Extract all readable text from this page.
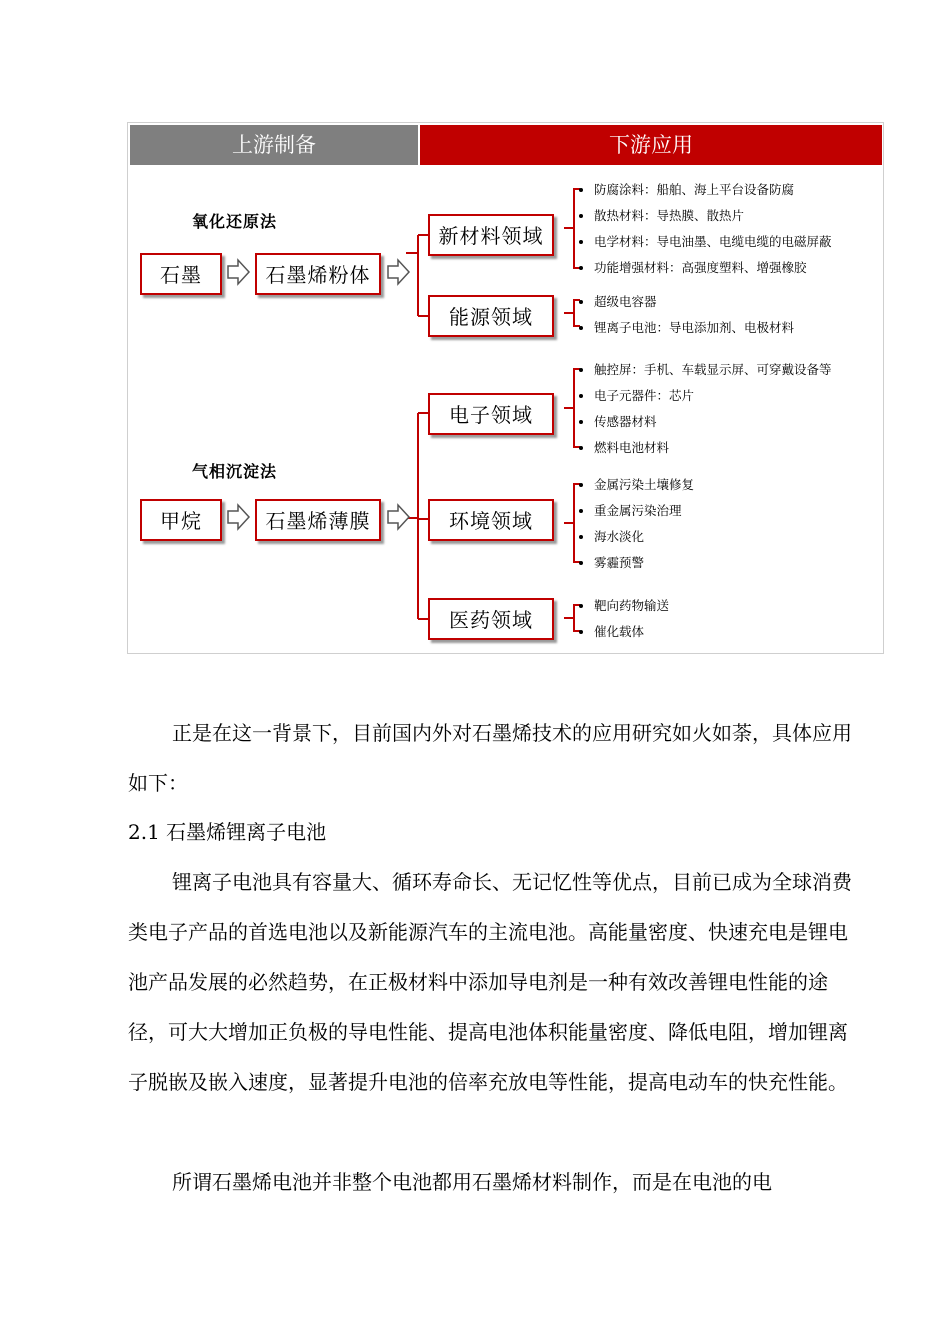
上游制备	下游应用
氧化还原法
气相沉淀法
石墨	石墨烯粉体
甲烷	石墨烯薄膜
新材料领域
能源领域
电子领域
环境领域
医药领域
防腐涂料：船舶、海上平台设备防腐
散热材料：导热膜、散热片
电学材料：导电油墨、电缆电缆的电磁屏蔽
功能增强材料：高强度塑料、增强橡胶
超级电容器
锂离子电池：导电添加剂、电极材料
触控屏：手机、车载显示屏、可穿戴设备等
电子元器件：芯片
传感器材料
燃料电池材料
金属污染土壤修复
重金属污染治理
海水淡化
雾霾预警
靶向药物输送
催化载体

正是在这一背景下，目前国内外对石墨烯技术的应用研究如火如荼，具体应用如下：

2.1 石墨烯锂离子电池

锂离子电池具有容量大、循环寿命长、无记忆性等优点，目前已成为全球消费类电子产品的首选电池以及新能源汽车的主流电池。高能量密度、快速充电是锂电池产品发展的必然趋势，在正极材料中添加导电剂是一种有效改善锂电性能的途径，可大大增加正负极的导电性能、提高电池体积能量密度、降低电阻，增加锂离子脱嵌及嵌入速度，显著提升电池的倍率充放电等性能，提高电动车的快充性能。

所谓石墨烯电池并非整个电池都用石墨烯材料制作，而是在电池的电
